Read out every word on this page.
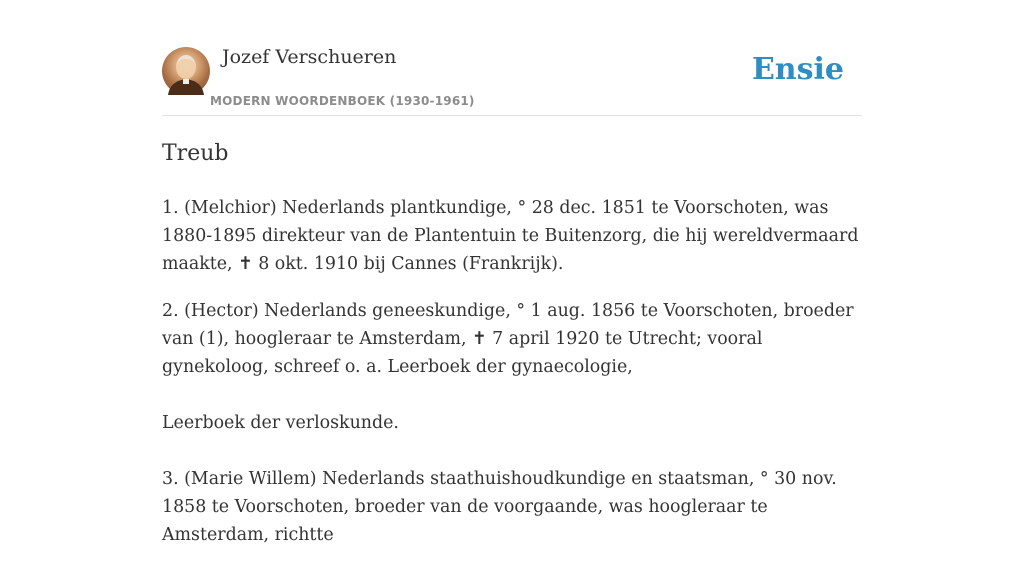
Jozef Verschueren
MODERN WOORDENBOEK (1930-1961)
Ensie
Treub

1. (Melchior) Nederlands plantkundige, ° 28 dec. 1851 te Voorschoten, was 1880-1895 direkteur van de Plantentuin te Buitenzorg, die hij wereldvermaard maakte, ✝ 8 okt. 1910 bij Cannes (Frankrijk).

2. (Hector) Nederlands geneeskundige, ° 1 aug. 1856 te Voorschoten, broeder van (1), hoogleraar te Amsterdam, ✝ 7 april 1920 te Utrecht; vooral gynekoloog, schreef o. a. Leerboek der gynaecologie,

Leerboek der verloskunde.

3. (Marie Willem) Nederlands staathuishoudkundige en staatsman, ° 30 nov. 1858 te Voorschoten, broeder van de voorgaande, was hoogleraar te Amsterdam, richtte
